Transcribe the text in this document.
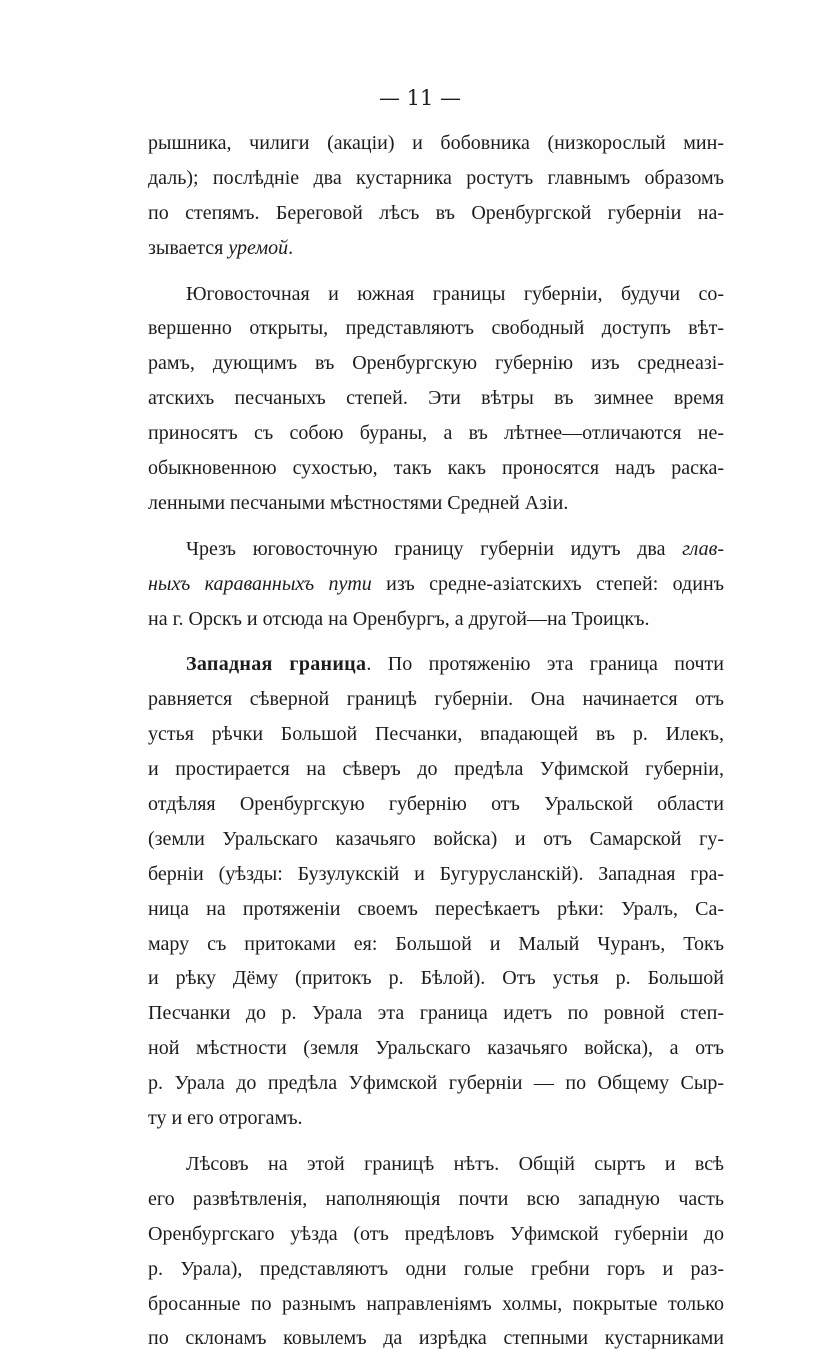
— 11 —
рышника, чилиги (акацiи) и бобовника (низкорослый мин-
даль); послѣднiе два кустарника ростутъ главнымъ образомъ
по степямъ. Береговой лѣсъ въ Оренбургской губернiи на-
зывается уремой.
Юговосточная и южная границы губернiи, будучи со-
вершенно открыты, представляютъ свободный доступъ вѣт-
рамъ, дующимъ въ Оренбургскую губернiю изъ среднеазi-
атскихъ песчаныхъ степей. Эти вѣтры въ зимнее время
приносятъ съ собою бураны, а въ лѣтнее—отличаются не-
обыкновенною сухостью, такъ какъ проносятся надъ раска-
ленными песчаными мѣстностями Средней Азiи.
Чрезъ юговосточную границу губернiи идутъ два глав-
ныхъ караванныхъ пути изъ средне-азiатскихъ степей: одинъ
на г. Орскъ и отсюда на Оренбургъ, а другой—на Троицкъ.
Западная граница. По протяженiю эта граница почти
равняется сѣверной границѣ губернiи. Она начинается отъ
устья рѣчки Большой Песчанки, впадающей въ р. Илекъ,
и простирается на сѣверъ до предѣла Уфимской губернiи,
отдѣляя Оренбургскую губернiю отъ Уральской области
(земли Уральскаго казачьяго войска) и отъ Самарской гу-
бернiи (уѣзды: Бузулукскiй и Бугурусланскiй). Западная гра-
ница на протяженiи своемъ пересѣкаетъ рѣки: Уралъ, Са-
мару съ притоками ея: Большой и Малый Чуранъ, Токъ
и рѣку Дёму (притокъ р. Бѣлой). Отъ устья р. Большой
Песчанки до р. Урала эта граница идетъ по ровной степ-
ной мѣстности (земля Уральскаго казачьяго войска), а отъ
р. Урала до предѣла Уфимской губернiи — по Общему Сыр-
ту и его отрогамъ.
Лѣсовъ на этой границѣ нѣтъ. Общiй сыртъ и всѣ
его развѣтвленiя, наполняющiя почти всю западную часть
Оренбургскаго уѣзда (отъ предѣловъ Уфимской губернiи до
р. Урала), представляютъ одни голые гребни горъ и раз-
бросанные по разнымъ направленiямъ холмы, покрытые только
по склонамъ ковылемъ да изрѣдка степными кустарниками
